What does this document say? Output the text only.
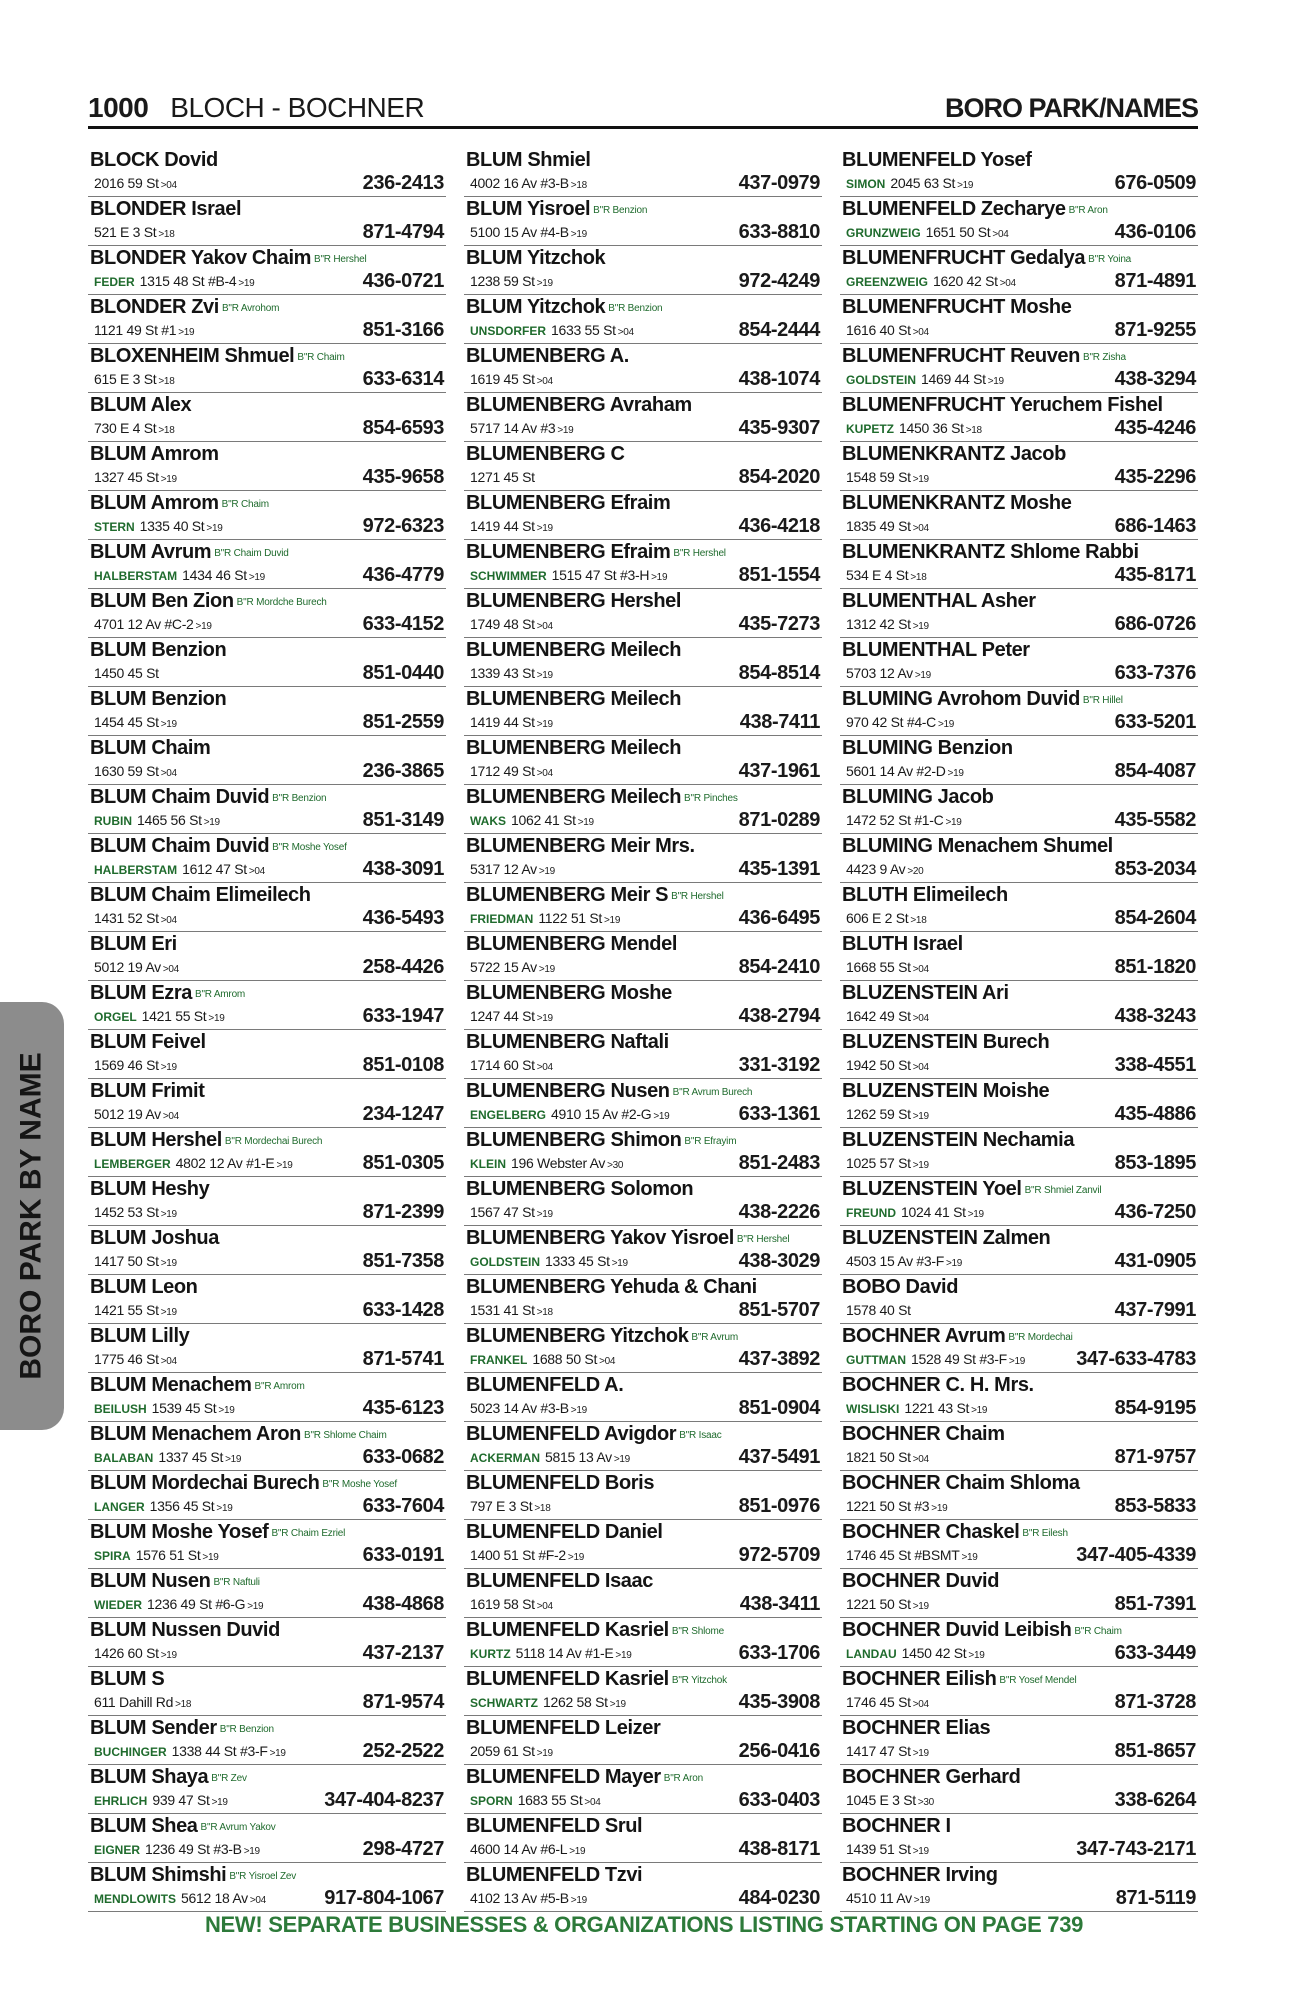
1000 BLOCH - BOCHNER	BORO PARK/NAMES
BLOCK Dovid
2016 59 St >04	236-2413
BLONDER Israel
521 E 3 St >18	871-4794
BLONDER Yakov Chaim B"R Hershel
FEDER 1315 48 St #B-4 >19	436-0721
BLONDER Zvi B"R Avrohom
1121 49 St #1 >19	851-3166
BLOXENHEIM Shmuel B"R Chaim
615 E 3 St >18	633-6314
BLUM Alex
730 E 4 St >18	854-6593
BLUM Amrom
1327 45 St >19	435-9658
BLUM Amrom B"R Chaim
STERN 1335 40 St >19	972-6323
BLUM Avrum B"R Chaim Duvid
HALBERSTAM 1434 46 St >19	436-4779
BLUM Ben Zion B"R Mordche Burech
4701 12 Av #C-2 >19	633-4152
BLUM Benzion
1450 45 St	851-0440
BLUM Benzion
1454 45 St >19	851-2559
BLUM Chaim
1630 59 St >04	236-3865
BLUM Chaim Duvid B"R Benzion
RUBIN 1465 56 St >19	851-3149
BLUM Chaim Duvid B"R Moshe Yosef
HALBERSTAM 1612 47 St >04	438-3091
BLUM Chaim Elimeilech
1431 52 St >04	436-5493
BLUM Eri
5012 19 Av >04	258-4426
BLUM Ezra B"R Amrom
ORGEL 1421 55 St >19	633-1947
BLUM Feivel
1569 46 St >19	851-0108
BLUM Frimit
5012 19 Av >04	234-1247
BLUM Hershel B"R Mordechai Burech
LEMBERGER 4802 12 Av #1-E >19	851-0305
BLUM Heshy
1452 53 St >19	871-2399
BLUM Joshua
1417 50 St >19	851-7358
BLUM Leon
1421 55 St >19	633-1428
BLUM Lilly
1775 46 St >04	871-5741
BLUM Menachem B"R Amrom
BEILUSH 1539 45 St >19	435-6123
BLUM Menachem Aron B"R Shlome Chaim
BALABAN 1337 45 St >19	633-0682
BLUM Mordechai Burech B"R Moshe Yosef
LANGER 1356 45 St >19	633-7604
BLUM Moshe Yosef B"R Chaim Ezriel
SPIRA 1576 51 St >19	633-0191
BLUM Nusen B"R Naftuli
WIEDER 1236 49 St #6-G >19	438-4868
BLUM Nussen Duvid
1426 60 St >19	437-2137
BLUM S
611 Dahill Rd >18	871-9574
BLUM Sender B"R Benzion
BUCHINGER 1338 44 St #3-F >19	252-2522
BLUM Shaya B"R Zev
EHRLICH 939 47 St >19	347-404-8237
BLUM Shea B"R Avrum Yakov
EIGNER 1236 49 St #3-B >19	298-4727
BLUM Shimshi B"R Yisroel Zev
MENDLOWITS 5612 18 Av >04	917-804-1067
BLUM Shmiel
4002 16 Av #3-B >18	437-0979
BLUM Yisroel B"R Benzion
5100 15 Av #4-B >19	633-8810
BLUM Yitzchok
1238 59 St >19	972-4249
BLUM Yitzchok B"R Benzion
UNSDORFER 1633 55 St >04	854-2444
BLUMENBERG A.
1619 45 St >04	438-1074
BLUMENBERG Avraham
5717 14 Av #3 >19	435-9307
BLUMENBERG C
1271 45 St	854-2020
BLUMENBERG Efraim
1419 44 St >19	436-4218
BLUMENBERG Efraim B"R Hershel
SCHWIMMER 1515 47 St #3-H >19	851-1554
BLUMENBERG Hershel
1749 48 St >04	435-7273
BLUMENBERG Meilech
1339 43 St >19	854-8514
BLUMENBERG Meilech
1419 44 St >19	438-7411
BLUMENBERG Meilech
1712 49 St >04	437-1961
BLUMENBERG Meilech B"R Pinches
WAKS 1062 41 St >19	871-0289
BLUMENBERG Meir Mrs.
5317 12 Av >19	435-1391
BLUMENBERG Meir S B"R Hershel
FRIEDMAN 1122 51 St >19	436-6495
BLUMENBERG Mendel
5722 15 Av >19	854-2410
BLUMENBERG Moshe
1247 44 St >19	438-2794
BLUMENBERG Naftali
1714 60 St >04	331-3192
BLUMENBERG Nusen B"R Avrum Burech
ENGELBERG 4910 15 Av #2-G >19	633-1361
BLUMENBERG Shimon B"R Efrayim
KLEIN 196 Webster Av >30	851-2483
BLUMENBERG Solomon
1567 47 St >19	438-2226
BLUMENBERG Yakov Yisroel B"R Hershel
GOLDSTEIN 1333 45 St >19	438-3029
BLUMENBERG Yehuda & Chani
1531 41 St >18	851-5707
BLUMENBERG Yitzchok B"R Avrum
FRANKEL 1688 50 St >04	437-3892
BLUMENFELD A.
5023 14 Av #3-B >19	851-0904
BLUMENFELD Avigdor B"R Isaac
ACKERMAN 5815 13 Av >19	437-5491
BLUMENFELD Boris
797 E 3 St >18	851-0976
BLUMENFELD Daniel
1400 51 St #F-2 >19	972-5709
BLUMENFELD Isaac
1619 58 St >04	438-3411
BLUMENFELD Kasriel B"R Shlome
KURTZ 5118 14 Av #1-E >19	633-1706
BLUMENFELD Kasriel B"R Yitzchok
SCHWARTZ 1262 58 St >19	435-3908
BLUMENFELD Leizer
2059 61 St >19	256-0416
BLUMENFELD Mayer B"R Aron
SPORN 1683 55 St >04	633-0403
BLUMENFELD Srul
4600 14 Av #6-L >19	438-8171
BLUMENFELD Tzvi
4102 13 Av #5-B >19	484-0230
BLUMENFELD Yosef
SIMON 2045 63 St >19	676-0509
BLUMENFELD Zecharye B"R Aron
GRUNZWEIG 1651 50 St >04	436-0106
BLUMENFRUCHT Gedalya B"R Yoina
GREENZWEIG 1620 42 St >04	871-4891
BLUMENFRUCHT Moshe
1616 40 St >04	871-9255
BLUMENFRUCHT Reuven B"R Zisha
GOLDSTEIN 1469 44 St >19	438-3294
BLUMENFRUCHT Yeruchem Fishel
KUPETZ 1450 36 St >18	435-4246
BLUMENKRANTZ Jacob
1548 59 St >19	435-2296
BLUMENKRANTZ Moshe
1835 49 St >04	686-1463
BLUMENKRANTZ Shlome Rabbi
534 E 4 St >18	435-8171
BLUMENTHAL Asher
1312 42 St >19	686-0726
BLUMENTHAL Peter
5703 12 Av >19	633-7376
BLUMING Avrohom Duvid B"R Hillel
970 42 St #4-C >19	633-5201
BLUMING Benzion
5601 14 Av #2-D >19	854-4087
BLUMING Jacob
1472 52 St #1-C >19	435-5582
BLUMING Menachem Shumel
4423 9 Av >20	853-2034
BLUTH Elimeilech
606 E 2 St >18	854-2604
BLUTH Israel
1668 55 St >04	851-1820
BLUZENSTEIN Ari
1642 49 St >04	438-3243
BLUZENSTEIN Burech
1942 50 St >04	338-4551
BLUZENSTEIN Moishe
1262 59 St >19	435-4886
BLUZENSTEIN Nechamia
1025 57 St >19	853-1895
BLUZENSTEIN Yoel B"R Shmiel Zanvil
FREUND 1024 41 St >19	436-7250
BLUZENSTEIN Zalmen
4503 15 Av #3-F >19	431-0905
BOBO David
1578 40 St	437-7991
BOCHNER Avrum B"R Mordechai
GUTTMAN 1528 49 St #3-F >19	347-633-4783
BOCHNER C. H. Mrs.
WISLISKI 1221 43 St >19	854-9195
BOCHNER Chaim
1821 50 St >04	871-9757
BOCHNER Chaim Shloma
1221 50 St #3 >19	853-5833
BOCHNER Chaskel B"R Eilesh
1746 45 St #BSMT >19	347-405-4339
BOCHNER Duvid
1221 50 St >19	851-7391
BOCHNER Duvid Leibish B"R Chaim
LANDAU 1450 42 St >19	633-3449
BOCHNER Eilish B"R Yosef Mendel
1746 45 St >04	871-3728
BOCHNER Elias
1417 47 St >19	851-8657
BOCHNER Gerhard
1045 E 3 St >30	338-6264
BOCHNER I
1439 51 St >19	347-743-2171
BOCHNER Irving
4510 11 Av >19	871-5119
BORO PARK BY NAME
NEW! SEPARATE BUSINESSES & ORGANIZATIONS LISTING STARTING ON PAGE 739
